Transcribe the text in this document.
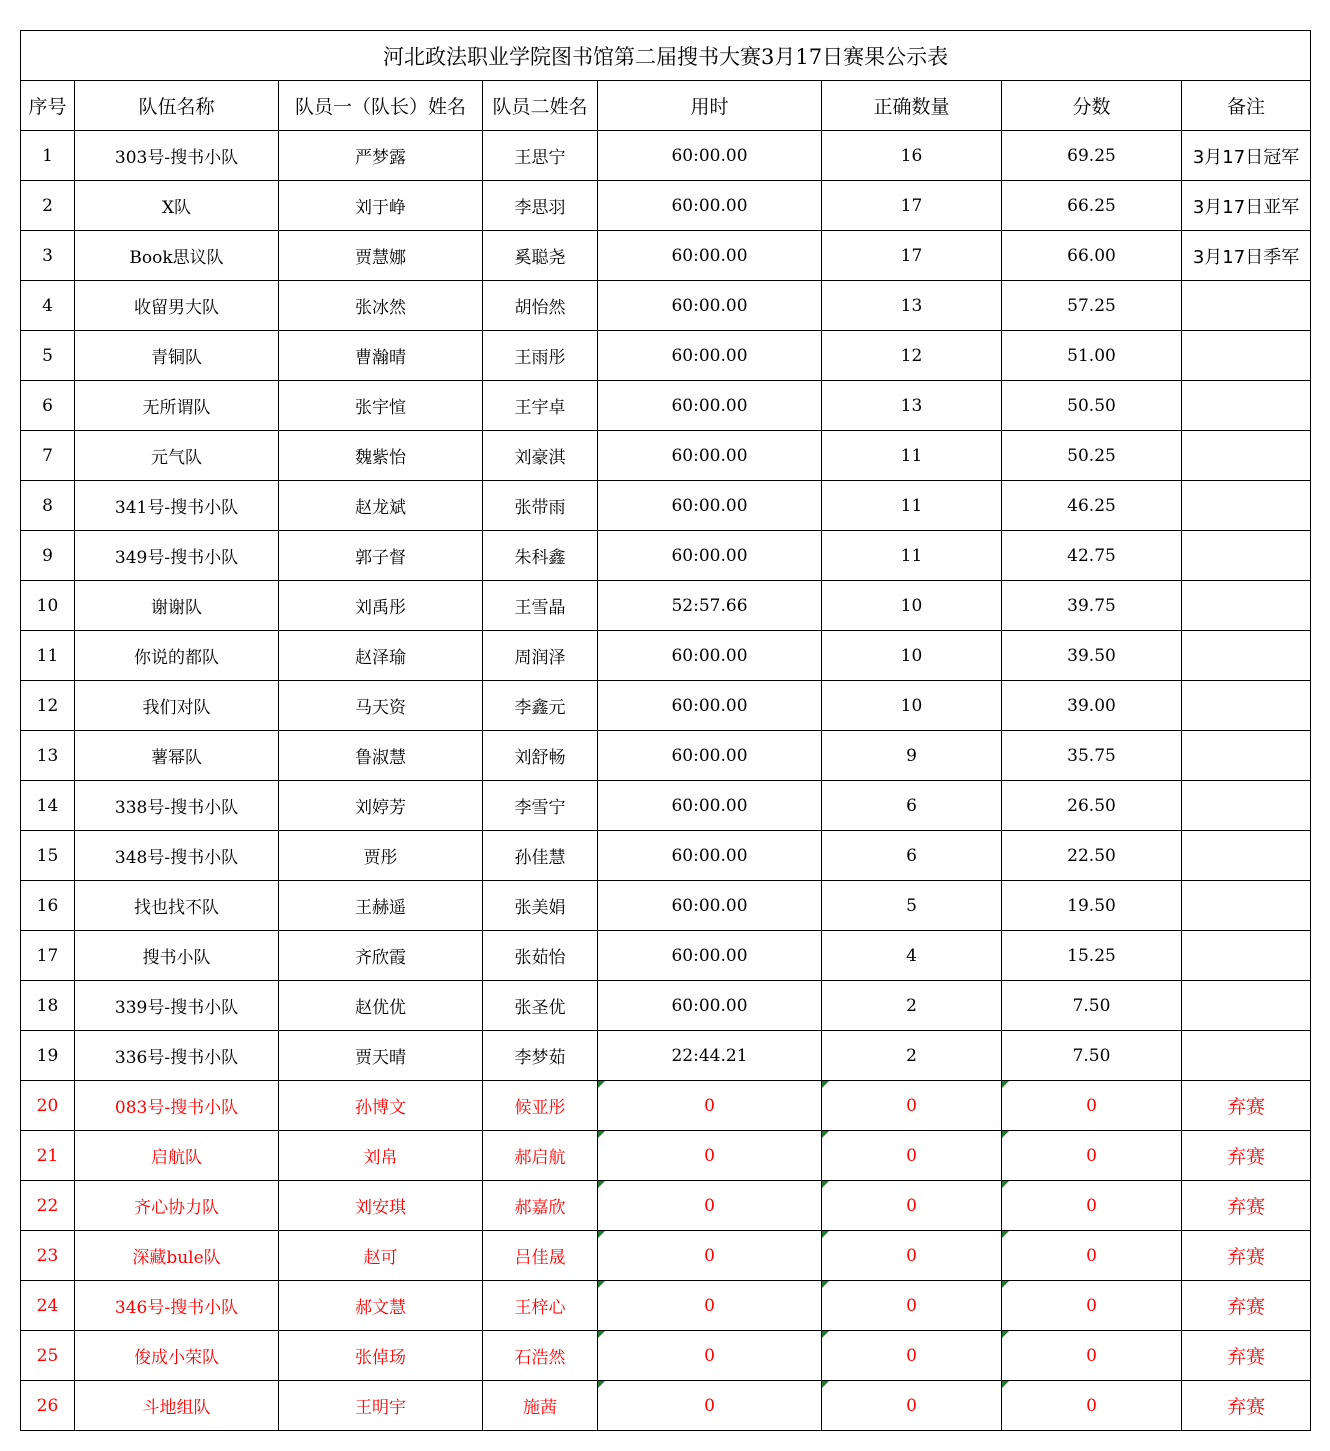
河北政法职业学院图书馆第二届搜书大赛3月17日赛果公示表							
序号	队伍名称	队员一（队长）姓名	队员二姓名	用时	正确数量	分数	备注
1	303号-搜书小队	严梦露	王思宁	60:00.00	16	69.25	3月17日冠军
2	X队	刘于峥	李思羽	60:00.00	17	66.25	3月17日亚军
3	Book思议队	贾慧娜	奚聪尧	60:00.00	17	66.00	3月17日季军
4	收留男大队	张冰然	胡怡然	60:00.00	13	57.25	
5	青铜队	曹瀚晴	王雨彤	60:00.00	12	51.00	
6	无所谓队	张宇愃	王宇卓	60:00.00	13	50.50	
7	元气队	魏紫怡	刘豪淇	60:00.00	11	50.25	
8	341号-搜书小队	赵龙斌	张带雨	60:00.00	11	46.25	
9	349号-搜书小队	郭子督	朱科鑫	60:00.00	11	42.75	
10	谢谢队	刘禹彤	王雪晶	52:57.66	10	39.75	
11	你说的都队	赵泽瑜	周润泽	60:00.00	10	39.50	
12	我们对队	马天资	李鑫元	60:00.00	10	39.00	
13	薯幂队	鲁淑慧	刘舒畅	60:00.00	9	35.75	
14	338号-搜书小队	刘婷芳	李雪宁	60:00.00	6	26.50	
15	348号-搜书小队	贾彤	孙佳慧	60:00.00	6	22.50	
16	找也找不队	王赫遥	张美娟	60:00.00	5	19.50	
17	搜书小队	齐欣霞	张茹怡	60:00.00	4	15.25	
18	339号-搜书小队	赵优优	张圣优	60:00.00	2	7.50	
19	336号-搜书小队	贾天晴	李梦茹	22:44.21	2	7.50	
20	083号-搜书小队	孙博文	候亚彤	0	0	0	弃赛
21	启航队	刘帛	郝启航	0	0	0	弃赛
22	齐心协力队	刘安琪	郝嘉欣	0	0	0	弃赛
23	深藏bule队	赵可	吕佳晟	0	0	0	弃赛
24	346号-搜书小队	郝文慧	王梓心	0	0	0	弃赛
25	俊成小荣队	张倬玚	石浩然	0	0	0	弃赛
26	斗地组队	王明宇	施茜	0	0	0	弃赛
